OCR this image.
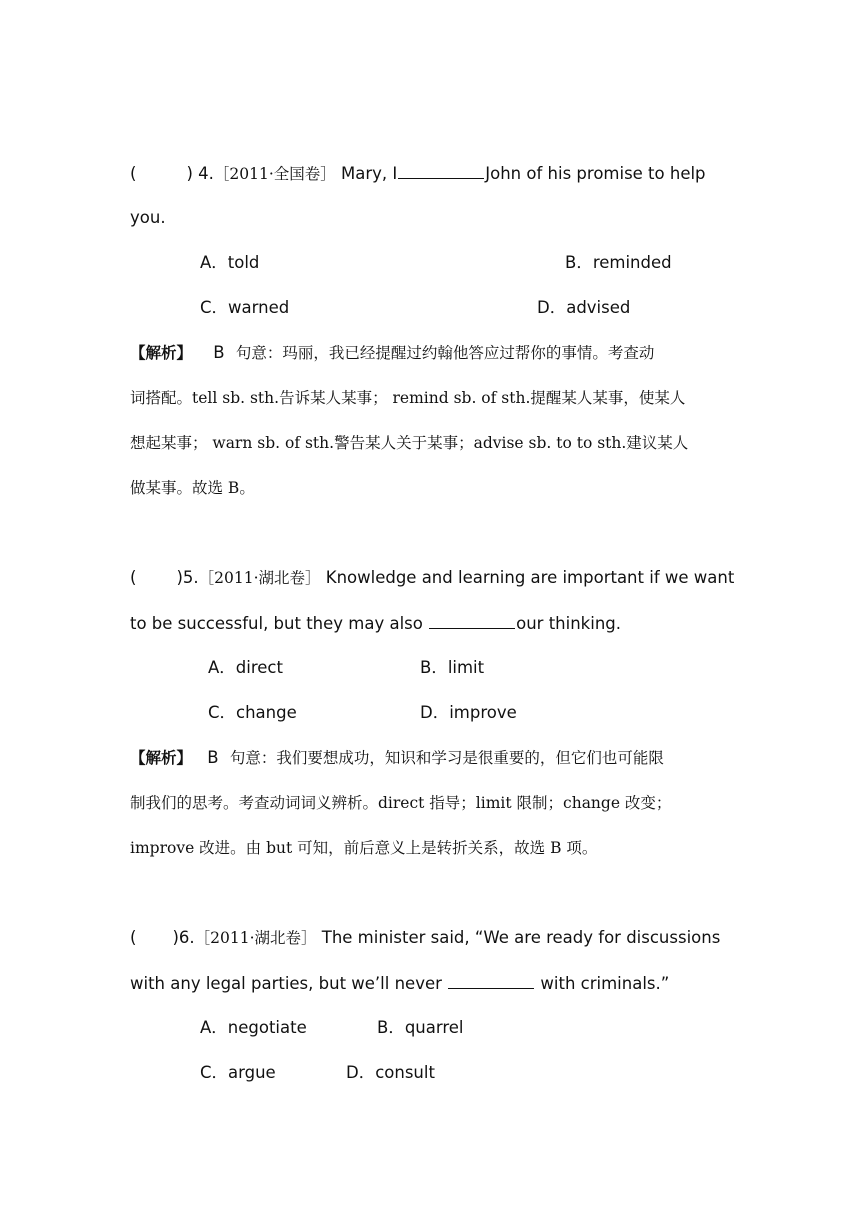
(	) 4.［2011·全国卷］ Mary, I	John of his promise to help
you.
A．told	B．reminded
C．warned	D．advised
【解析】 B 句意：玛丽，我已经提醒过约翰他答应过帮你的事情。考查动
词搭配。tell sb. sth.告诉某人某事； remind sb. of sth.提醒某人某事，使某人
想起某事； warn sb. of sth.警告某人关于某事；advise sb. to to sth.建议某人
做某事。故选 B。
( )5.［2011·湖北卷］ Knowledge and learning are important if we want
to be successful, but they may also	our thinking.
A．direct	B．limit
C．change	D．improve
【解析】 B 句意：我们要想成功，知识和学习是很重要的，但它们也可能限
制我们的思考。考查动词词义辨析。direct 指导；limit 限制；change 改变；
improve 改进。由 but 可知，前后意义上是转折关系，故选 B 项。
( )6.［2011·湖北卷］ The minister said, “We are ready for discussions
with any legal parties, but we’ll never	with criminals.”
A．negotiate	B．quarrel
C．argue	D．consult
